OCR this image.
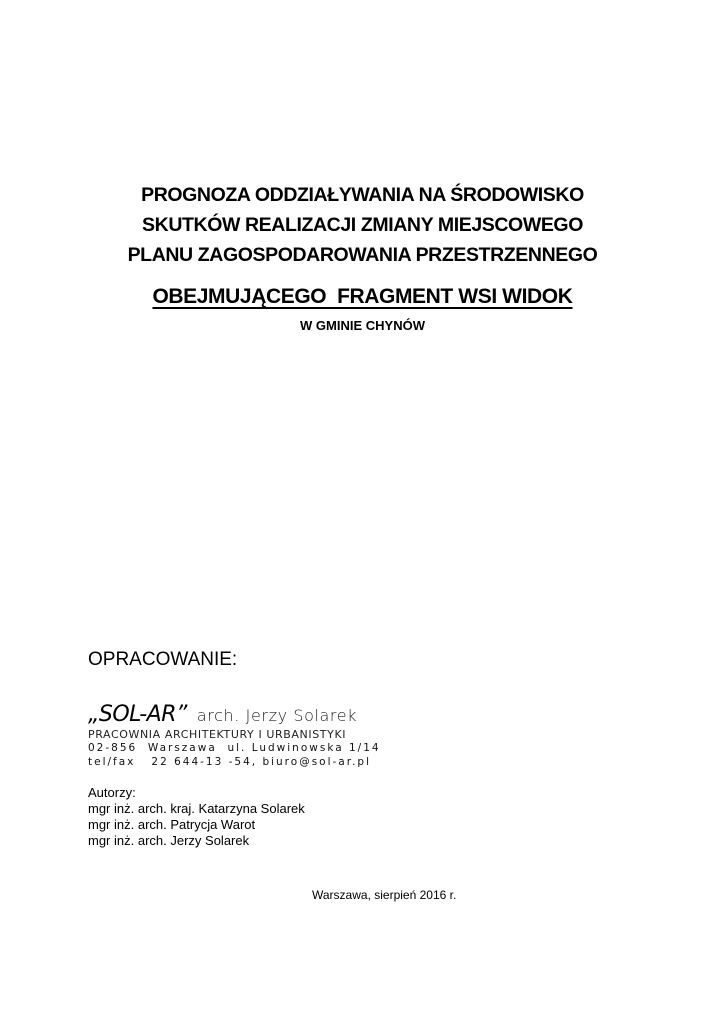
PROGNOZA ODDZIAŁYWANIA NA ŚRODOWISKO

SKUTKÓW REALIZACJI ZMIANY MIEJSCOWEGO

PLANU ZAGOSPODAROWANIA PRZESTRZENNEGO

OBEJMUJĄCEGO  FRAGMENT WSI WIDOK
W GMINIE CHYNÓW
OPRACOWANIE:
„SOL-AR” arch. Jerzy Solarek
PRACOWNIA ARCHITEKTURY I URBANISTYKI
02-856  Warszawa  ul. Ludwinowska 1/14
tel/fax   22 644-13 -54, biuro@sol-ar.pl
Autorzy:
mgr inż. arch. kraj. Katarzyna Solarek
mgr inż. arch. Patrycja Warot
mgr inż. arch. Jerzy Solarek
Warszawa, sierpień 2016 r.
